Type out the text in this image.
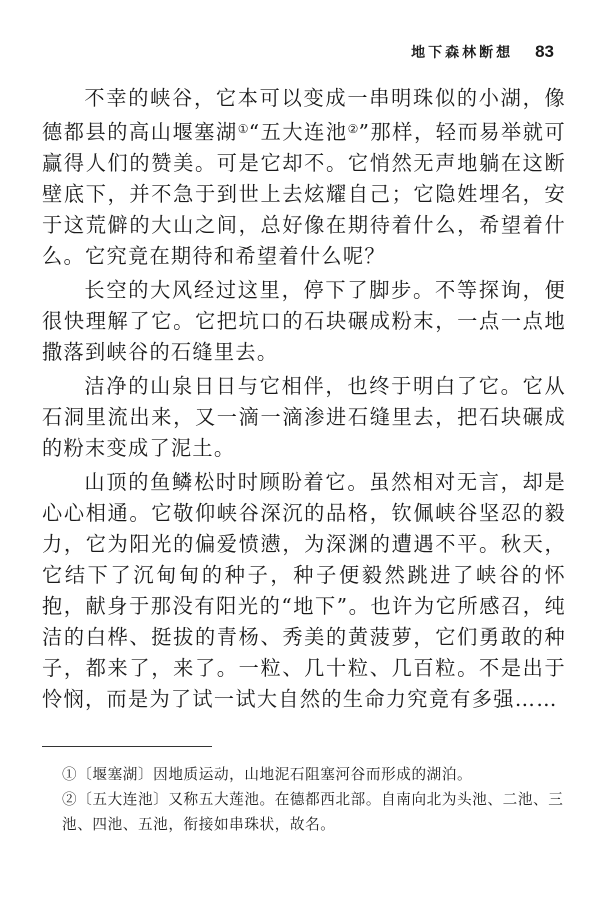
地下森林断想 83

不幸的峡谷，它本可以变成一串明珠似的小湖，像德都县的高山堰塞湖①“五大连池②”那样，轻而易举就可赢得人们的赞美。可是它却不。它悄然无声地躺在这断壁底下，并不急于到世上去炫耀自己；它隐姓埋名，安于这荒僻的大山之间，总好像在期待着什么，希望着什么。它究竟在期待和希望着什么呢？

长空的大风经过这里，停下了脚步。不等探询，便很快理解了它。它把坑口的石块碾成粉末，一点一点地撒落到峡谷的石缝里去。

洁净的山泉日日与它相伴，也终于明白了它。它从石洞里流出来，又一滴一滴渗进石缝里去，把石块碾成的粉末变成了泥土。

山顶的鱼鳞松时时顾盼着它。虽然相对无言，却是心心相通。它敬仰峡谷深沉的品格，钦佩峡谷坚忍的毅力，它为阳光的偏爱愤懑，为深渊的遭遇不平。秋天，它结下了沉甸甸的种子，种子便毅然跳进了峡谷的怀抱，献身于那没有阳光的“地下”。也许为它所感召，纯洁的白桦、挺拔的青杨、秀美的黄菠萝，它们勇敢的种子，都来了，来了。一粒、几十粒、几百粒。不是出于怜悯，而是为了试一试大自然的生命力究竟有多强……

①〔堰塞湖〕因地质运动，山地泥石阻塞河谷而形成的湖泊。

②〔五大连池〕又称五大莲池。在德都西北部。自南向北为头池、二池、三池、四池、五池，衔接如串珠状，故名。
